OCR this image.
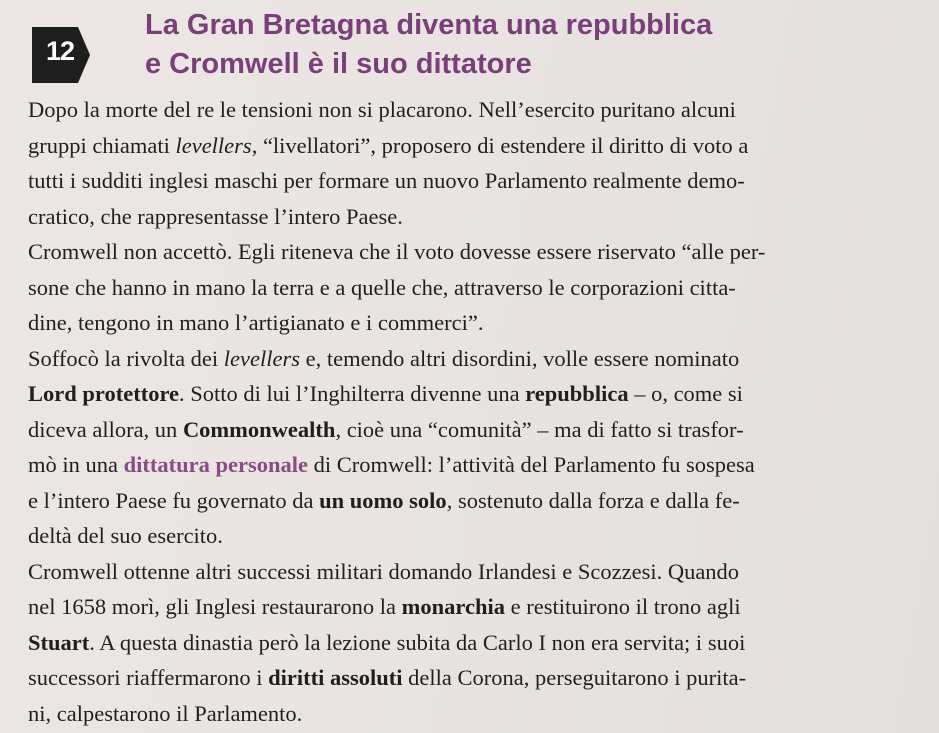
12
La Gran Bretagna diventa una repubblica
e Cromwell è il suo dittatore
Dopo la morte del re le tensioni non si placarono. Nell’esercito puritano alcuni
gruppi chiamati levellers, “livellatori”, proposero di estendere il diritto di voto a
tutti i sudditi inglesi maschi per formare un nuovo Parlamento realmente demo-
cratico, che rappresentasse l’intero Paese.
Cromwell non accettò. Egli riteneva che il voto dovesse essere riservato “alle per-
sone che hanno in mano la terra e a quelle che, attraverso le corporazioni citta-
dine, tengono in mano l’artigianato e i commerci”.
Soffocò la rivolta dei levellers e, temendo altri disordini, volle essere nominato
Lord protettore. Sotto di lui l’Inghilterra divenne una repubblica – o, come si
diceva allora, un Commonwealth, cioè una “comunità” – ma di fatto si trasfor-
mò in una dittatura personale di Cromwell: l’attività del Parlamento fu sospesa
e l’intero Paese fu governato da un uomo solo, sostenuto dalla forza e dalla fe-
deltà del suo esercito.
Cromwell ottenne altri successi militari domando Irlandesi e Scozzesi. Quando
nel 1658 morì, gli Inglesi restaurarono la monarchia e restituirono il trono agli
Stuart. A questa dinastia però la lezione subita da Carlo I non era servita; i suoi
successori riaffermarono i diritti assoluti della Corona, perseguitarono i purita-
ni, calpestarono il Parlamento.
